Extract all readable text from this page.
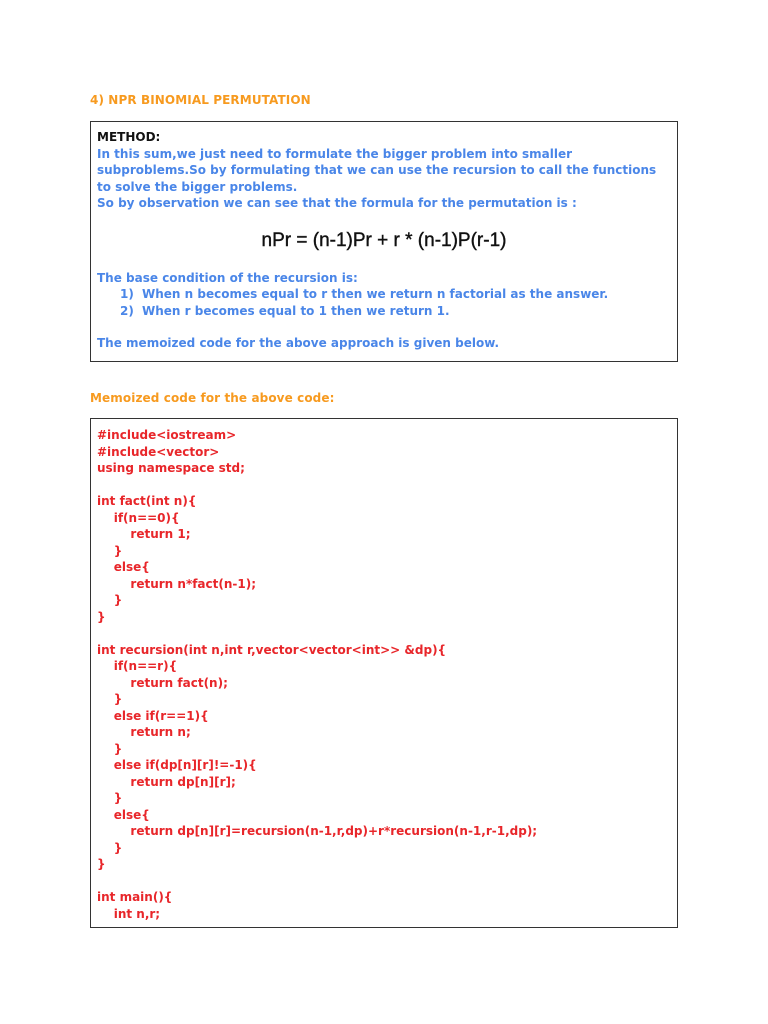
4) NPR BINOMIAL PERMUTATION
METHOD:
In this sum,we just need to formulate the bigger problem into smaller subproblems.So by formulating that we can use the recursion to call the functions to solve the bigger problems.
So by observation we can see that the formula for the permutation is :
nPr = (n-1)Pr + r * (n-1)P(r-1)
The base condition of the recursion is:
1) When n becomes equal to r then we return n factorial as the answer.
2) When r becomes equal to 1 then we return 1.
The memoized code for the above approach is given below.
Memoized code for the above code:
#include<iostream>
#include<vector>
using namespace std;
int fact(int n){
if(n==0){
return 1;
}
else{
return n*fact(n-1);
}
}
int recursion(int n,int r,vector<vector<int>> &dp){
if(n==r){
return fact(n);
}
else if(r==1){
return n;
}
else if(dp[n][r]!=-1){
return dp[n][r];
}
else{
return dp[n][r]=recursion(n-1,r,dp)+r*recursion(n-1,r-1,dp);
}
}
int main(){
int n,r;
